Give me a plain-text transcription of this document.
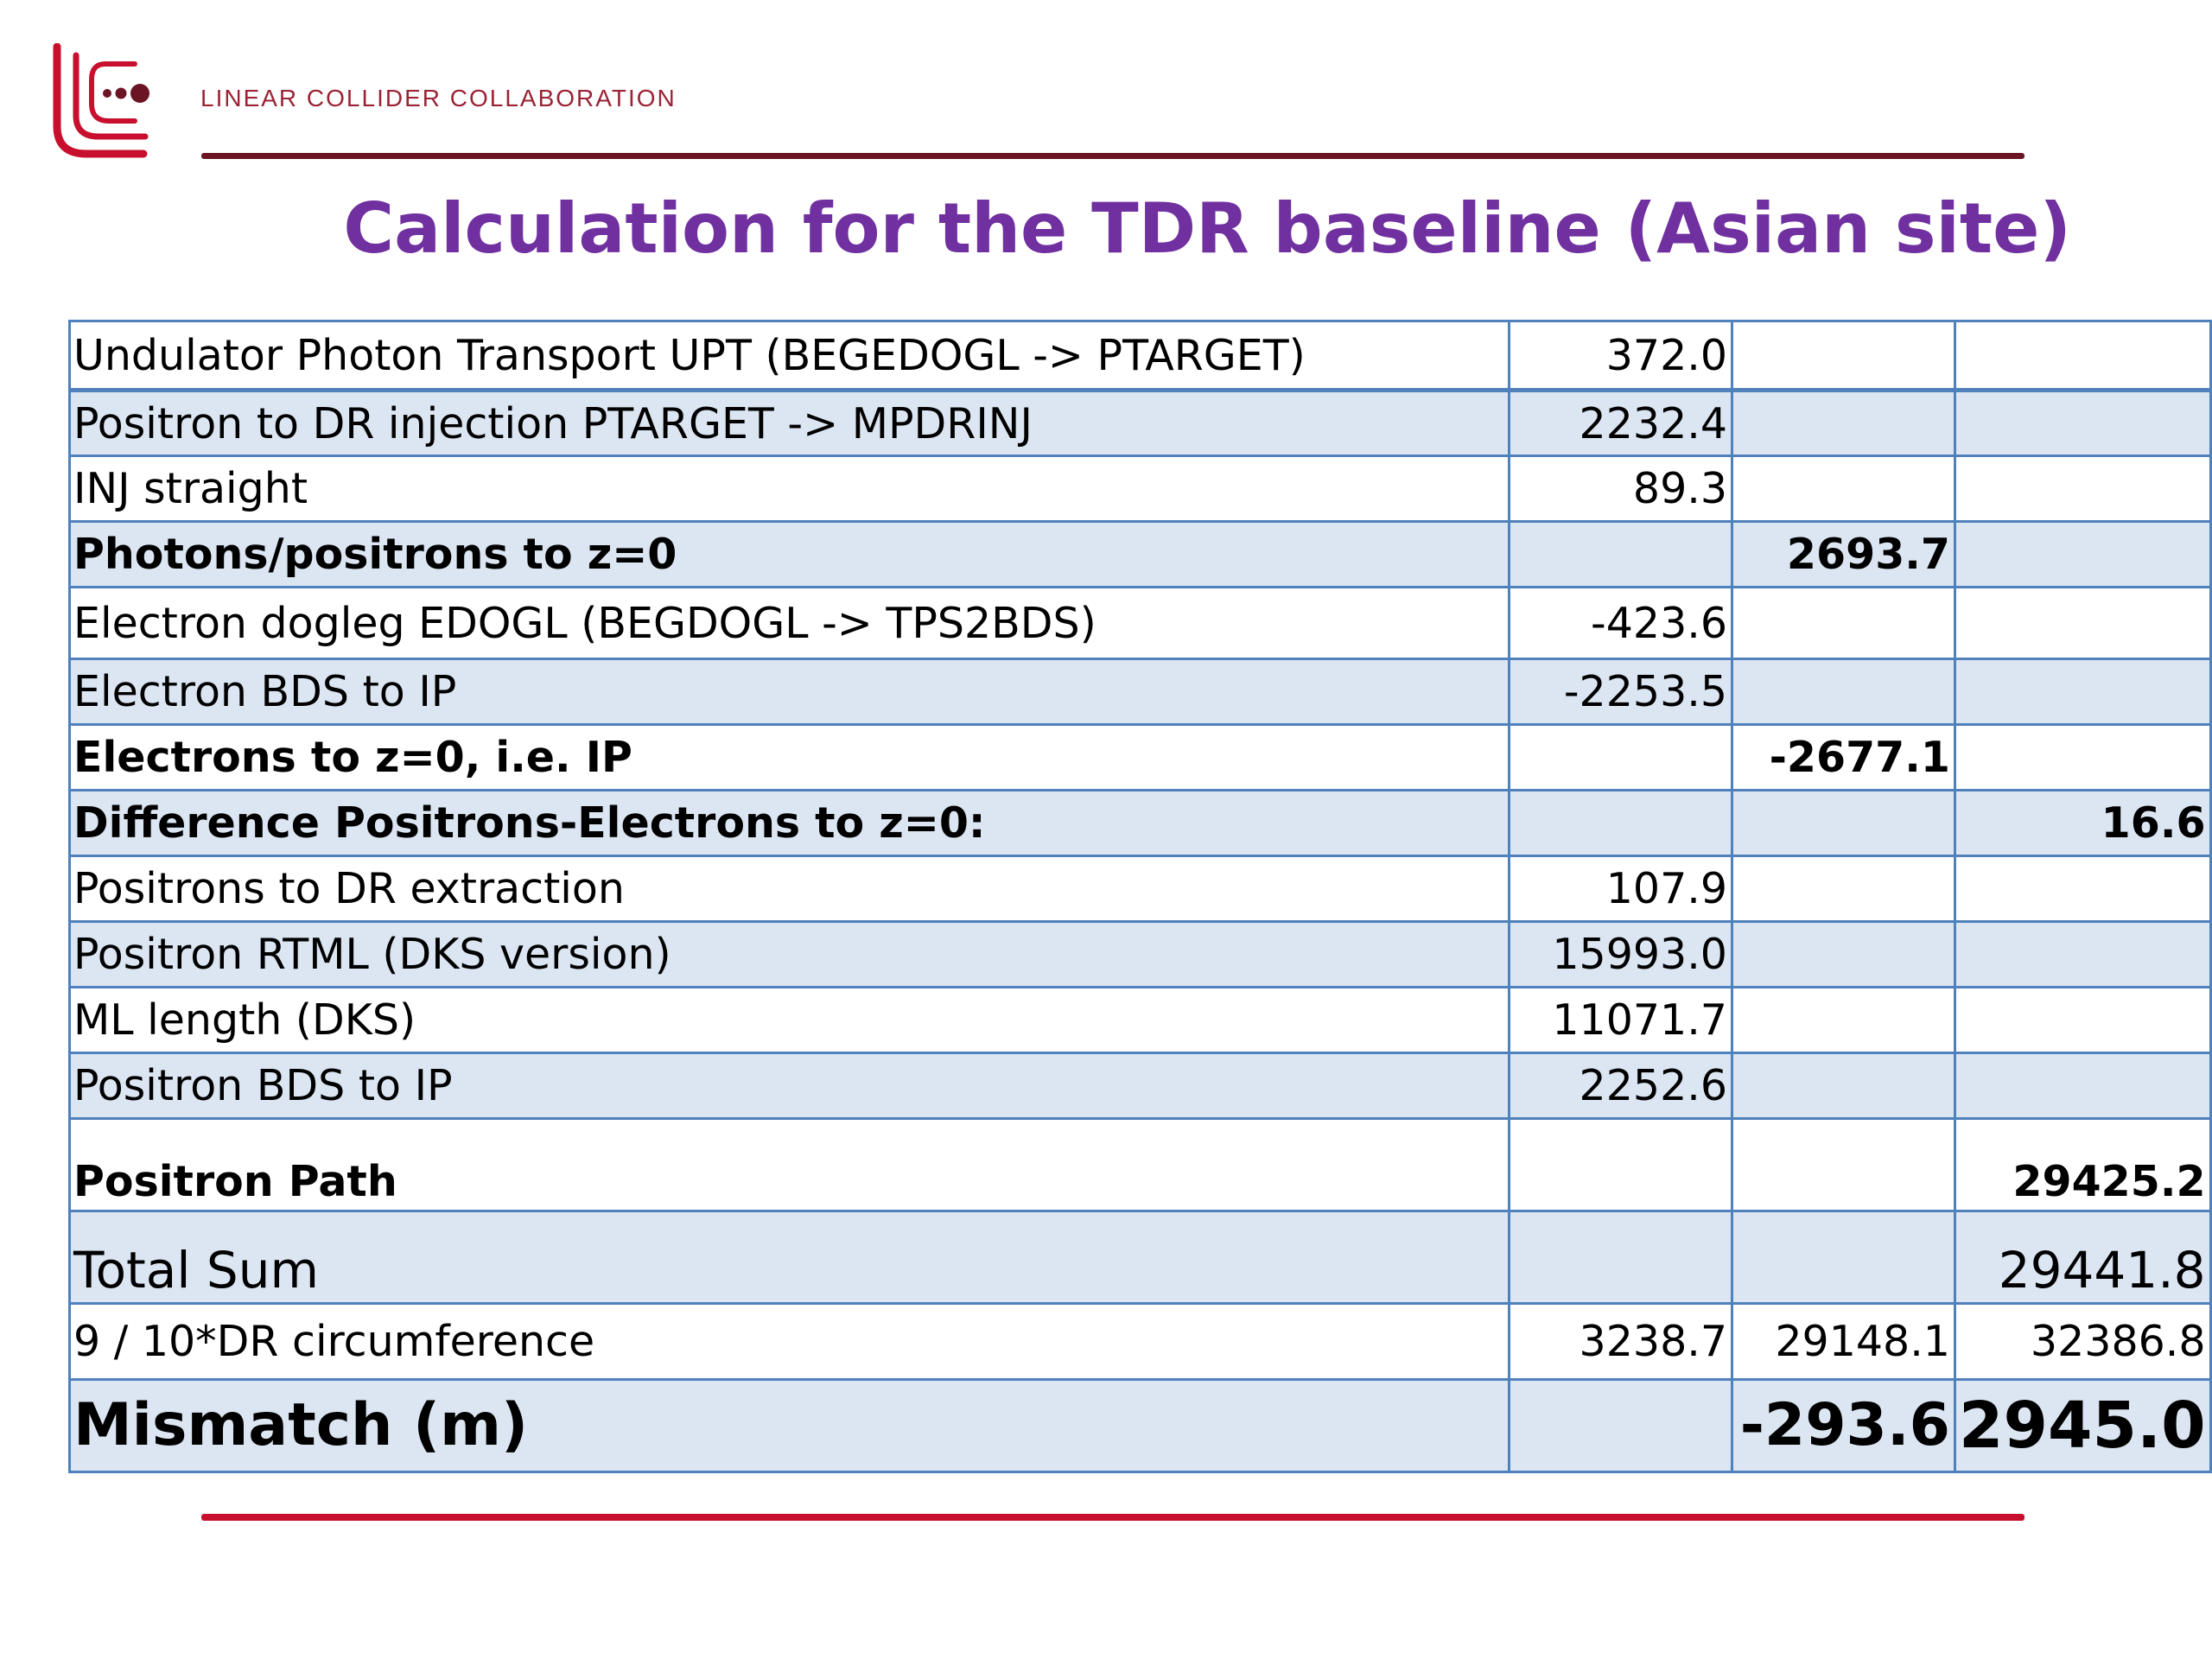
LINEAR COLLIDER COLLABORATION
Calculation for the TDR baseline (Asian site)
Undulator Photon Transport UPT (BEGEDOGL -> PTARGET)	372.0		
Positron to DR injection PTARGET -> MPDRINJ	2232.4		
INJ straight	89.3		
Photons/positrons to z=0		2693.7	
Electron dogleg EDOGL (BEGDOGL -> TPS2BDS)	-423.6		
Electron BDS to IP	-2253.5		
Electrons to z=0, i.e. IP		-2677.1	
Difference Positrons-Electrons to z=0:			16.6
Positrons to DR extraction	107.9		
Positron RTML (DKS version)	15993.0		
ML length (DKS)	11071.7		
Positron BDS to IP	2252.6		
Positron Path			29425.2
Total Sum			29441.8
9 / 10*DR circumference	3238.7	29148.1	32386.8
Mismatch (m)		-293.6	2945.0
